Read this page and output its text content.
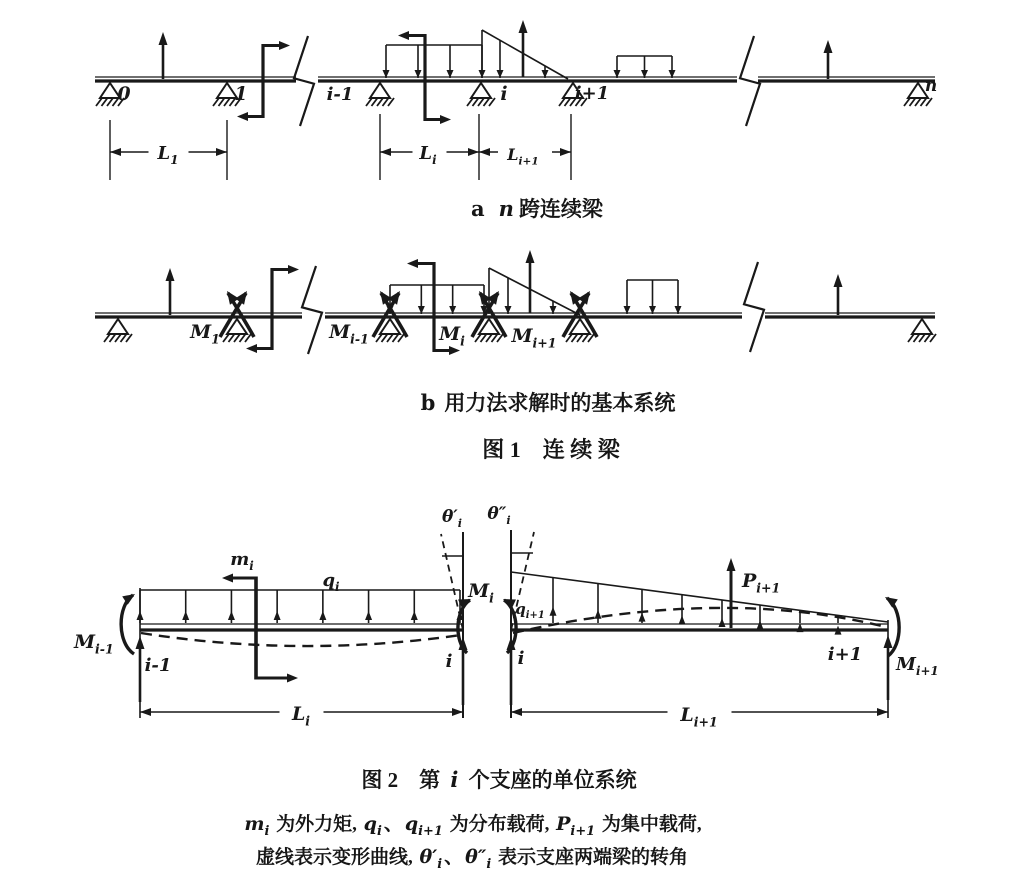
$L_1$	$L_i$	$L_{i+1}$
0	1	i-1	i	i+1	n
$M_1$	$M_{i-1}$	$M_i$ $M_{i+1}$
$M_{i-1}$
i-1
$m_i$
$q_i$
$\theta'_i$ $\theta''_i$
$M_i$
$q_{i+1}$
i	i
$P_{i+1}$
i+1 $M_{i+1}$
$L_i$	$L_{i+1}$
a n 跨连续梁
b 用力法求解时的基本系统
图 1　连 续 梁
图 2　第 i 个支座的单位系统
$m_i$ 为外力矩, $q_i$ 、 $q_{i+1}$ 为分布载荷, $P_{i+1}$ 为集中载荷,
虚线表示变形曲线, $\theta'_i$ 、 $\theta''_i$ 表示支座两端梁的转角
